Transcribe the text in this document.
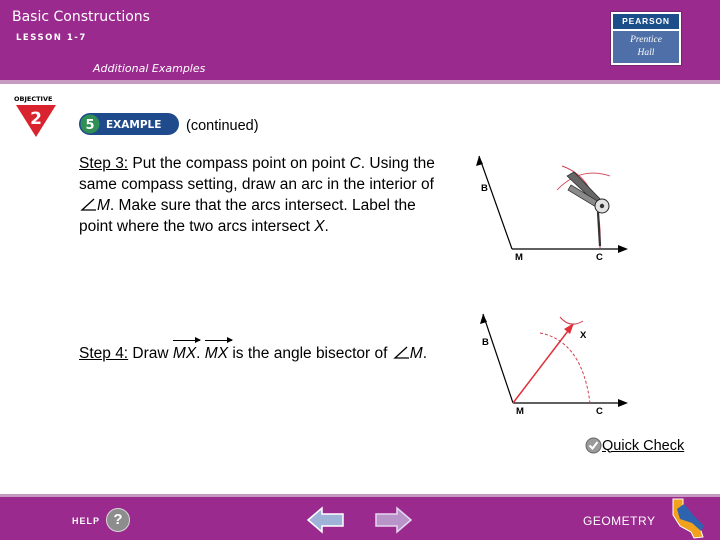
Basic Constructions
LESSON 1-7
Additional Examples
PEARSON
Prentice
Hall
OBJECTIVE
2	5 EXAMPLE (continued)
Step 3: Put the compass point on point C. Using the same compass setting, draw an arc in the interior of M. Make sure that the arcs intersect. Label the point where the two arcs intersect X.
Step 4: Draw MX. MX is the angle bisector of M.
B
M	C
B
M	C
X
Quick Check
HELP ?	GEOMETRY
